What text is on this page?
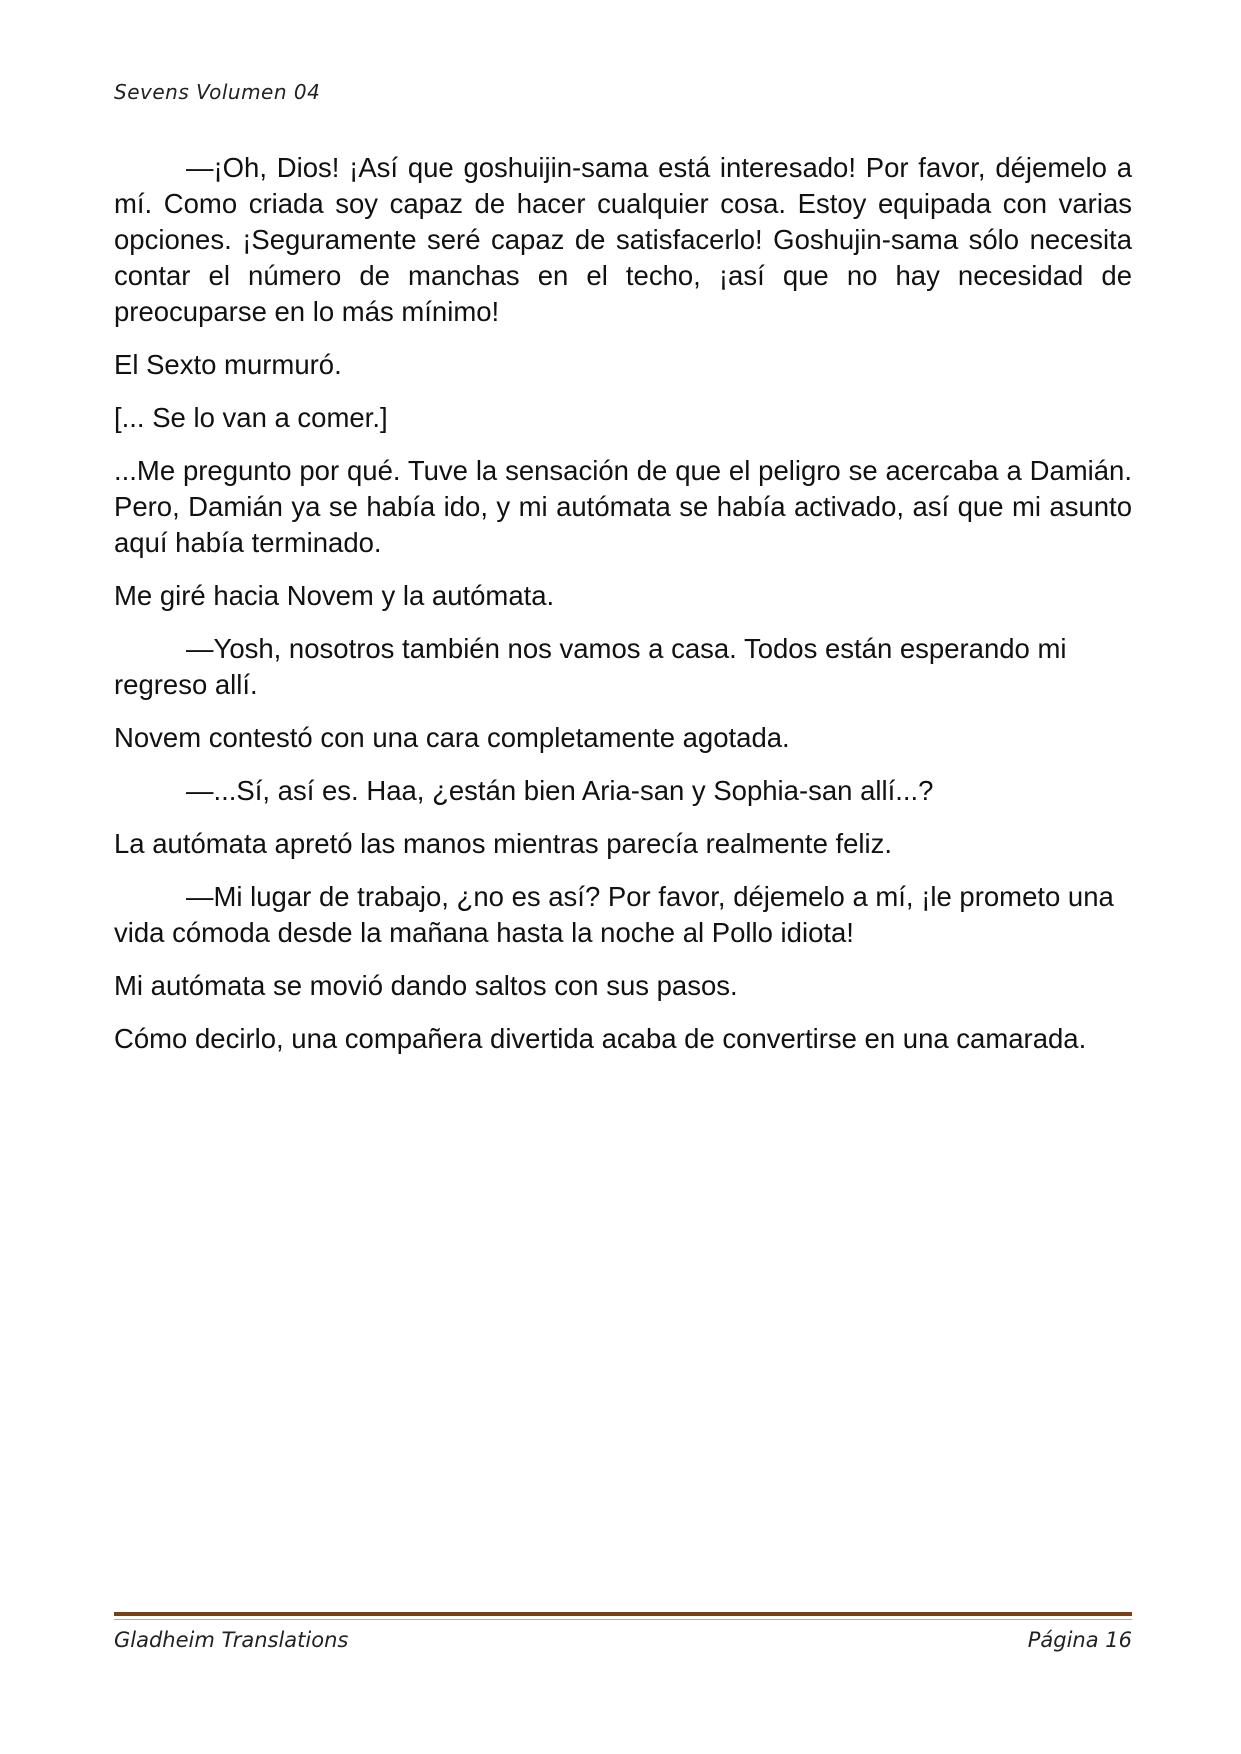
Sevens Volumen 04

—¡Oh, Dios! ¡Así que goshuijin-sama está interesado! Por favor, déjemelo a mí. Como criada soy capaz de hacer cualquier cosa. Estoy equipada con varias opciones. ¡Seguramente seré capaz de satisfacerlo! Goshujin-sama sólo necesita contar el número de manchas en el techo, ¡así que no hay necesidad de preocuparse en lo más mínimo!

El Sexto murmuró.

[... Se lo van a comer.]

...Me pregunto por qué. Tuve la sensación de que el peligro se acercaba a Damián. Pero, Damián ya se había ido, y mi autómata se había activado, así que mi asunto aquí había terminado.

Me giré hacia Novem y la autómata.

—Yosh, nosotros también nos vamos a casa. Todos están esperando mi regreso allí.

Novem contestó con una cara completamente agotada.

—...Sí, así es. Haa, ¿están bien Aria-san y Sophia-san allí...?

La autómata apretó las manos mientras parecía realmente feliz.

—Mi lugar de trabajo, ¿no es así? Por favor, déjemelo a mí, ¡le prometo una vida cómoda desde la mañana hasta la noche al Pollo idiota!

Mi autómata se movió dando saltos con sus pasos.

Cómo decirlo, una compañera divertida acaba de convertirse en una camarada.

Gladheim Translations	Página 16
